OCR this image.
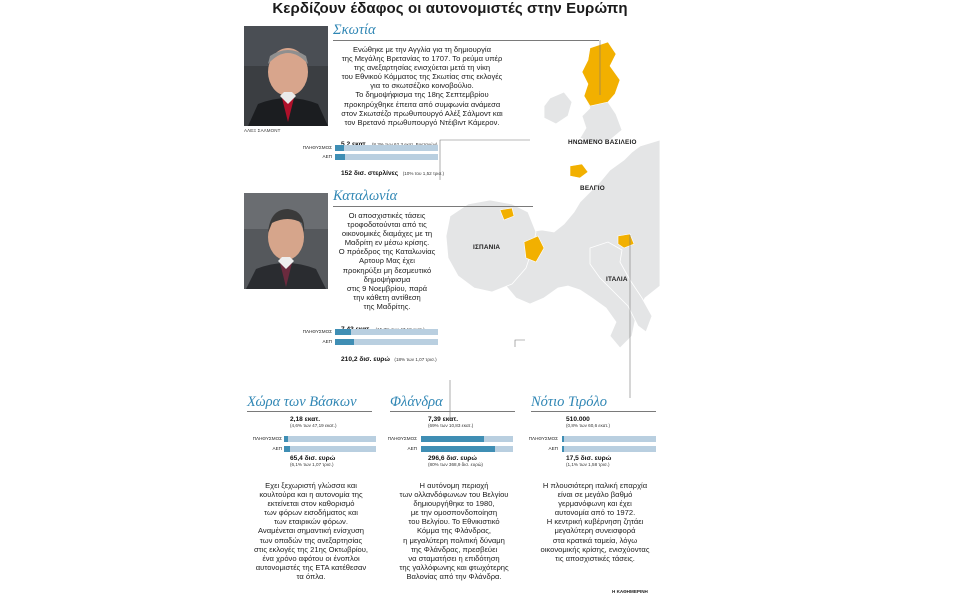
Κερδίζουν έδαφος οι αυτονομιστές στην Ευρώπη
ΗΝΩΜΕΝΟ ΒΑΣΙΛΕΙΟ
ΒΕΛΓΙΟ
ΙΣΠΑΝΙΑ
ΙΤΑΛΙΑ
Σκωτία
ΑΛΕΞ ΣΑΛΜΟΝΤ
Ενώθηκε με την Αγγλία για τη δημιουργία
της Μεγάλης Βρετανίας το 1707. Το ρεύμα υπέρ
της ανεξαρτησίας ενισχύεται μετά τη νίκη
του Εθνικού Κόμματος της Σκωτίας στις εκλογές
για το σκωτσέζικο κοινοβούλιο.
Το δημοψήφισμα της 18ης Σεπτεμβρίου
προκηρύχθηκε έπειτα από συμφωνία ανάμεσα
στον Σκωτσέζο πρωθυπουργό Αλέξ Σάλμοντ και
τον Βρετανό πρωθυπουργό Ντέιβιντ Κάμερον.
ΠΛΗΘΥΣΜΟΣ
ΑΕΠ
152 δισ. στερλίνες (10% του 1,52 τρισ.)
Καταλωνία
Οι αποσχιστικές τάσεις
τροφοδοτούνται από τις
οικονομικές διαμάχες με τη
Μαδρίτη εν μέσω κρίσης.
Ο πρόεδρος της Καταλωνίας
Αρτουρ Μας έχει
προκηρύξει μη δεσμευτικό
δημοψήφισμα
στις 9 Νοεμβρίου, παρά
την κάθετη αντίθεση
της Μαδρίτης.
ΠΛΗΘΥΣΜΟΣ
ΑΕΠ
210,2 δισ. ευρώ (18% των 1,07 τρισ.)
Χώρα των Βάσκων
2,18 εκατ.
(4,6% των 47,19 εκατ.)
ΠΛΗΘΥΣΜΟΣ
ΑΕΠ
65,4 δισ. ευρώ
(6,1% των 1,07 τρισ.)
Εχει ξεχωριστή γλώσσα και
κουλτούρα και η αυτονομία της
εκτείνεται στον καθορισμό
των φόρων εισοδήματος και
των εταιρικών φόρων.
Αναμένεται σημαντική ενίσχυση
των οπαδών της ανεξαρτησίας
στις εκλογές της 21ης Οκτωβρίου,
ένα χρόνο αφότου οι ένοπλοι
αυτονομιστές της ΕΤΑ κατέθεσαν
τα όπλα.
Φλάνδρα
7,39 εκατ.
(69% των 10,83 εκατ.)
ΠΛΗΘΥΣΜΟΣ
ΑΕΠ
296,6 δισ. ευρώ
(80% των 368,9 δισ. ευρώ)
Η αυτόνομη περιοχή
των ολλανδόφωνων του Βελγίου
δημιουργήθηκε το 1980,
με την ομοσπονδοποίηση
του Βελγίου. Το Εθνικιστικό
Κόμμα της Φλάνδρας,
η μεγαλύτερη πολιτική δύναμη
της Φλάνδρας, πρεσβεύει
να σταματήσει η επιδότηση
της γαλλόφωνης και φτωχότερης
Βαλονίας από την Φλάνδρα.
Νότιο Τιρόλο
510.000
(0,8% των 60,6 εκατ.)
ΠΛΗΘΥΣΜΟΣ
ΑΕΠ
17,5 δισ. ευρώ
(1,1% των 1,58 τρισ.)
Η πλουσιότερη ιταλική επαρχία
είναι σε μεγάλο βαθμό
γερμανόφωνη και έχει
αυτονομία από το 1972.
Η κεντρική κυβέρνηση ζητάει
μεγαλύτερη συνεισφορά
στα κρατικά ταμεία, λόγω
οικονομικής κρίσης, ενισχύοντας
τις αποσχιστικές τάσεις.
Η ΚΑΘΗΜΕΡΙΝΗ
